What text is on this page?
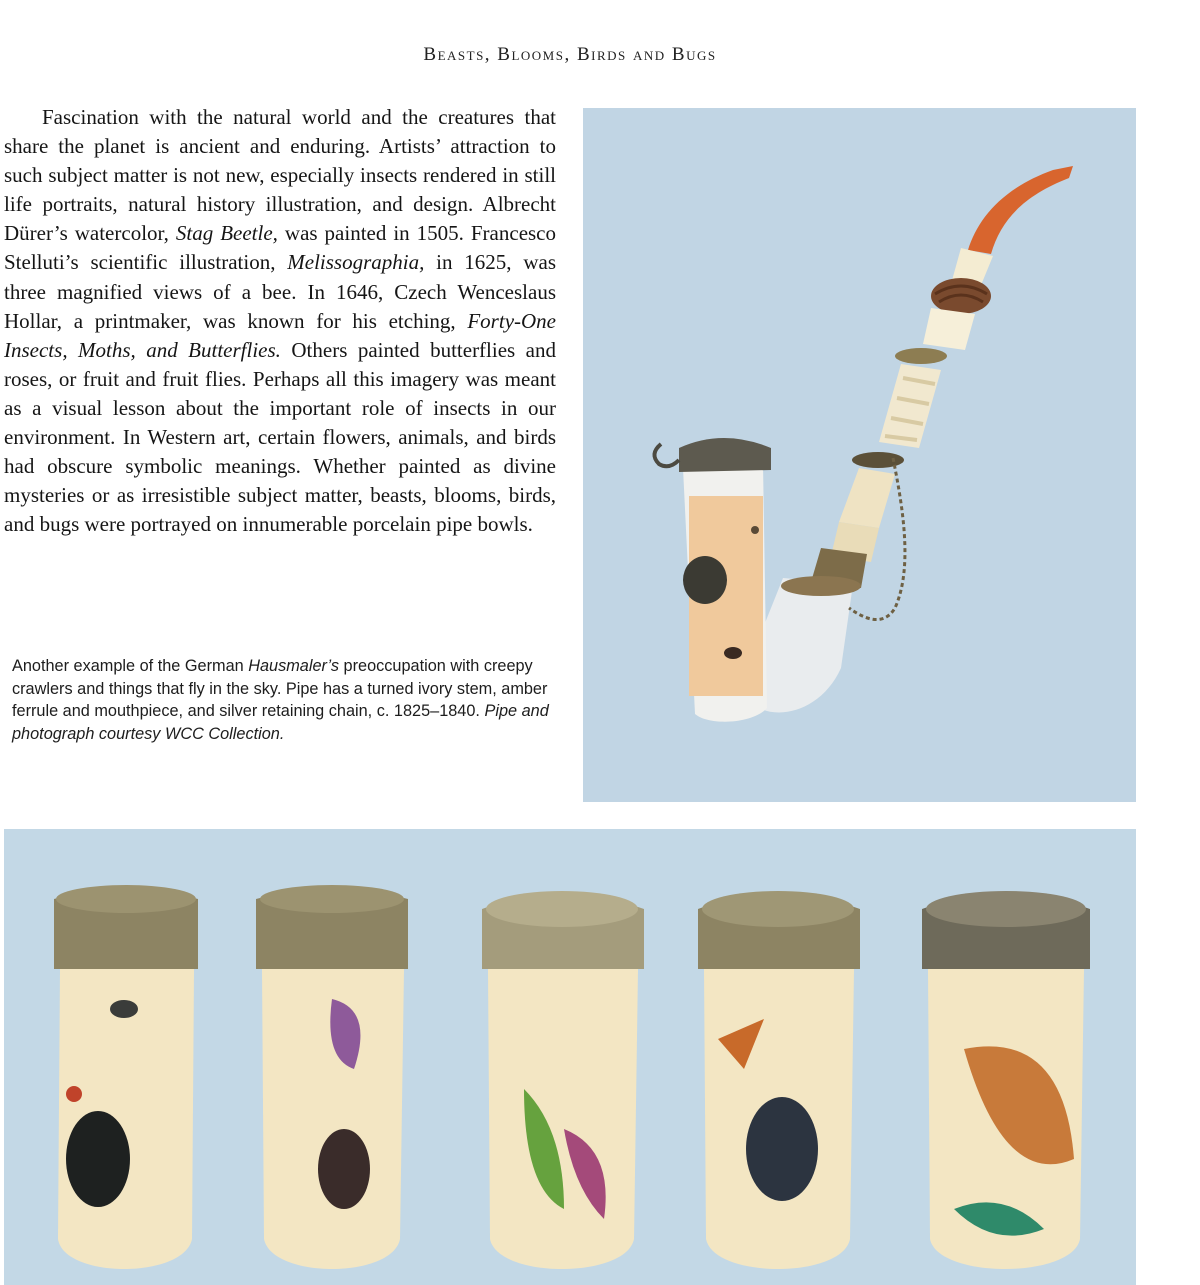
Beasts, Blooms, Birds and Bugs

Fascination with the natural world and the creatures that share the planet is ancient and enduring. Artists’ attraction to such subject matter is not new, especially insects rendered in still life portraits, natural history illustration, and design. Albrecht Dürer’s watercolor, Stag Beetle, was painted in 1505. Francesco Stelluti’s scientific illustration, Melissographia, in 1625, was three magnified views of a bee. In 1646, Czech Wenceslaus Hollar, a printmaker, was known for his etching, Forty-One Insects, Moths, and Butterflies. Others painted butterflies and roses, or fruit and fruit flies. Perhaps all this imagery was meant as a visual lesson about the important role of insects in our environment. In Western art, certain flowers, animals, and birds had obscure symbolic meanings. Whether painted as divine mysteries or as irresistible subject matter, beasts, blooms, birds, and bugs were portrayed on innumerable porcelain pipe bowls.

Another example of the German Hausmaler’s preoccupation with creepy crawlers and things that fly in the sky. Pipe has a turned ivory stem, amber ferrule and mouthpiece, and silver retaining chain, c. 1825–1840. Pipe and photograph courtesy WCC Collection.
